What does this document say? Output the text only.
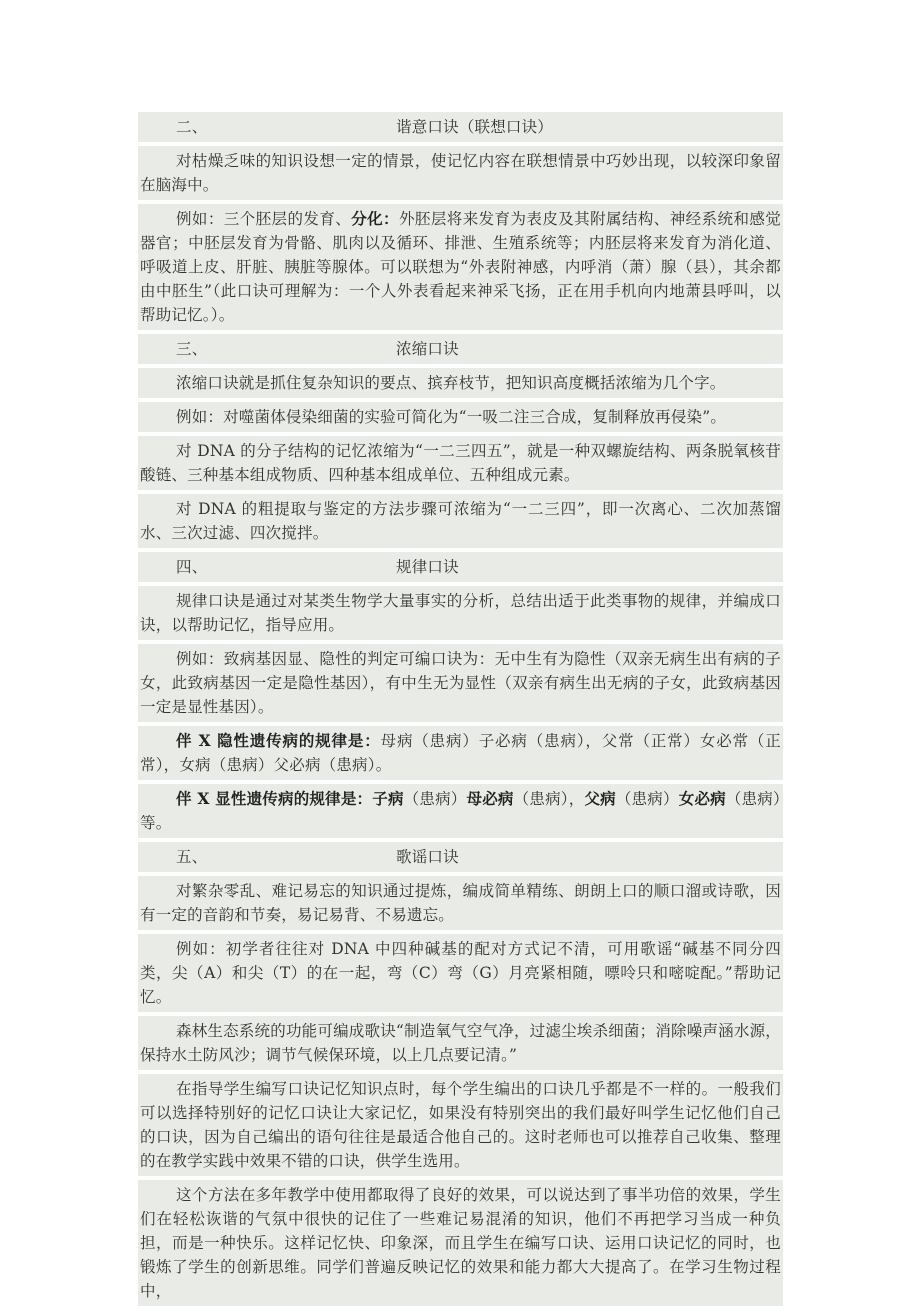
二、	谐意口诀（联想口诀）
对枯燥乏味的知识设想一定的情景，使记忆内容在联想情景中巧妙出现，以较深印象留在脑海中。
例如：三个胚层的发育、分化：外胚层将来发育为表皮及其附属结构、神经系统和感觉器官；中胚层发育为骨骼、肌肉以及循环、排泄、生殖系统等；内胚层将来发育为消化道、呼吸道上皮、肝脏、胰脏等腺体。可以联想为“外表附神感，内呼消（萧）腺（县），其余都由中胚生”（此口诀可理解为：一个人外表看起来神采飞扬，正在用手机向内地萧县呼叫，以帮助记忆。）。
三、	浓缩口诀
浓缩口诀就是抓住复杂知识的要点、摈弃枝节，把知识高度概括浓缩为几个字。
例如：对噬菌体侵染细菌的实验可简化为“一吸二注三合成，复制释放再侵染”。
对 DNA 的分子结构的记忆浓缩为“一二三四五”，就是一种双螺旋结构、两条脱氧核苷酸链、三种基本组成物质、四种基本组成单位、五种组成元素。
对 DNA 的粗提取与鉴定的方法步骤可浓缩为“一二三四”，即一次离心、二次加蒸馏水、三次过滤、四次搅拌。
四、	规律口诀
规律口诀是通过对某类生物学大量事实的分析，总结出适于此类事物的规律，并编成口诀，以帮助记忆，指导应用。
例如：致病基因显、隐性的判定可编口诀为：无中生有为隐性（双亲无病生出有病的子女，此致病基因一定是隐性基因），有中生无为显性（双亲有病生出无病的子女，此致病基因一定是显性基因）。
伴 X 隐性遗传病的规律是：母病（患病）子必病（患病），父常（正常）女必常（正常），女病（患病）父必病（患病）。
伴 X 显性遗传病的规律是：子病（患病）母必病（患病），父病（患病）女必病（患病）等。
五、	歌谣口诀
对繁杂零乱、难记易忘的知识通过提炼，编成简单精练、朗朗上口的顺口溜或诗歌，因有一定的音韵和节奏，易记易背、不易遗忘。
例如：初学者往往对 DNA 中四种碱基的配对方式记不清，可用歌谣“碱基不同分四类，尖（A）和尖（T）的在一起，弯（C）弯（G）月亮紧相随，嘌呤只和嘧啶配。”帮助记忆。
森林生态系统的功能可编成歌诀“制造氧气空气净，过滤尘埃杀细菌；消除噪声涵水源，保持水土防风沙；调节气候保环境，以上几点要记清。”
在指导学生编写口诀记忆知识点时，每个学生编出的口诀几乎都是不一样的。一般我们可以选择特别好的记忆口诀让大家记忆，如果没有特别突出的我们最好叫学生记忆他们自己的口诀，因为自己编出的语句往往是最适合他自己的。这时老师也可以推荐自己收集、整理的在教学实践中效果不错的口诀，供学生选用。
这个方法在多年教学中使用都取得了良好的效果，可以说达到了事半功倍的效果，学生们在轻松诙谐的气氛中很快的记住了一些难记易混淆的知识，他们不再把学习当成一种负担，而是一种快乐。这样记忆快、印象深，而且学生在编写口诀、运用口诀记忆的同时，也锻炼了学生的创新思维。同学们普遍反映记忆的效果和能力都大大提高了。在学习生物过程中，
